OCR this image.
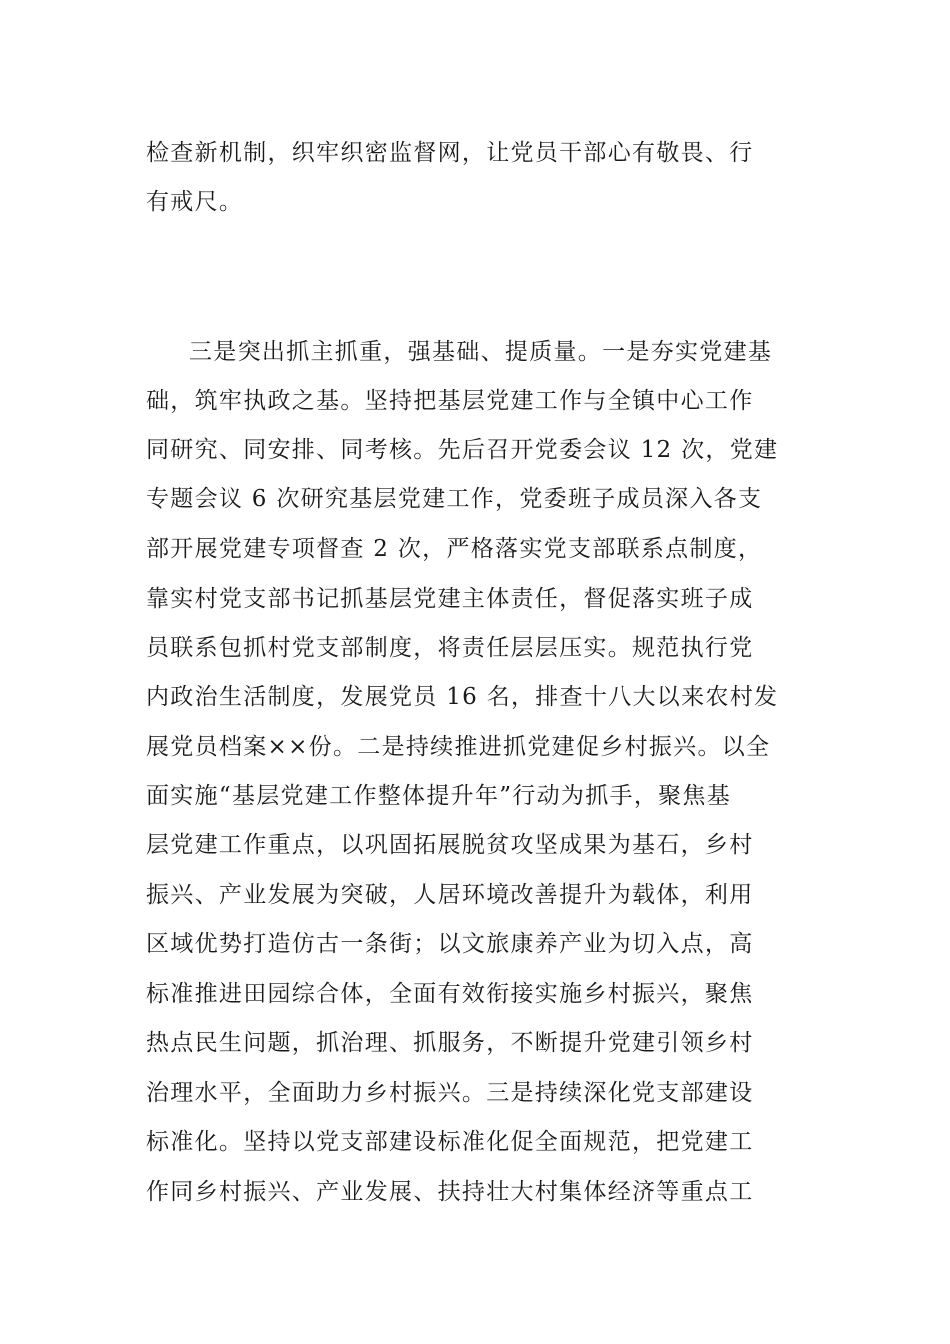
检查新机制，织牢织密监督网，让党员干部心有敬畏、行
有戒尺。
三是突出抓主抓重，强基础、提质量。一是夯实党建基
础，筑牢执政之基。坚持把基层党建工作与全镇中心工作
同研究、同安排、同考核。先后召开党委会议 12 次，党建
专题会议 6 次研究基层党建工作，党委班子成员深入各支
部开展党建专项督查 2 次，严格落实党支部联系点制度，
靠实村党支部书记抓基层党建主体责任，督促落实班子成
员联系包抓村党支部制度，将责任层层压实。规范执行党
内政治生活制度，发展党员 16 名，排查十八大以来农村发
展党员档案××份。二是持续推进抓党建促乡村振兴。以全
面实施“基层党建工作整体提升年”行动为抓手，聚焦基
层党建工作重点，以巩固拓展脱贫攻坚成果为基石，乡村
振兴、产业发展为突破，人居环境改善提升为载体，利用
区域优势打造仿古一条街；以文旅康养产业为切入点，高
标准推进田园综合体，全面有效衔接实施乡村振兴，聚焦
热点民生问题，抓治理、抓服务，不断提升党建引领乡村
治理水平，全面助力乡村振兴。三是持续深化党支部建设
标准化。坚持以党支部建设标准化促全面规范，把党建工
作同乡村振兴、产业发展、扶持壮大村集体经济等重点工
